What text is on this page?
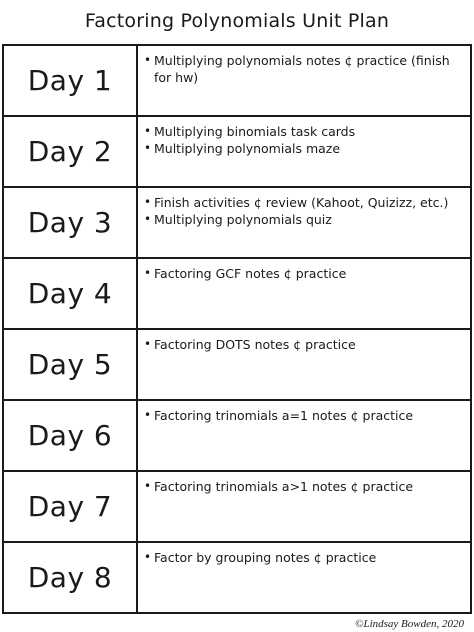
Factoring Polynomials Unit Plan
Day 1
• Multiplying polynomials notes ¢ practice (finish for hw)
Day 2
• Multiplying binomials task cards
• Multiplying polynomials maze
Day 3
• Finish activities ¢ review (Kahoot, Quizizz, etc.)
• Multiplying polynomials quiz
Day 4
• Factoring GCF notes ¢ practice
Day 5
• Factoring DOTS notes ¢ practice
Day 6
• Factoring trinomials a=1 notes ¢ practice
Day 7
• Factoring trinomials a>1 notes ¢ practice
Day 8
• Factor by grouping notes ¢ practice
©Lindsay Bowden, 2020
